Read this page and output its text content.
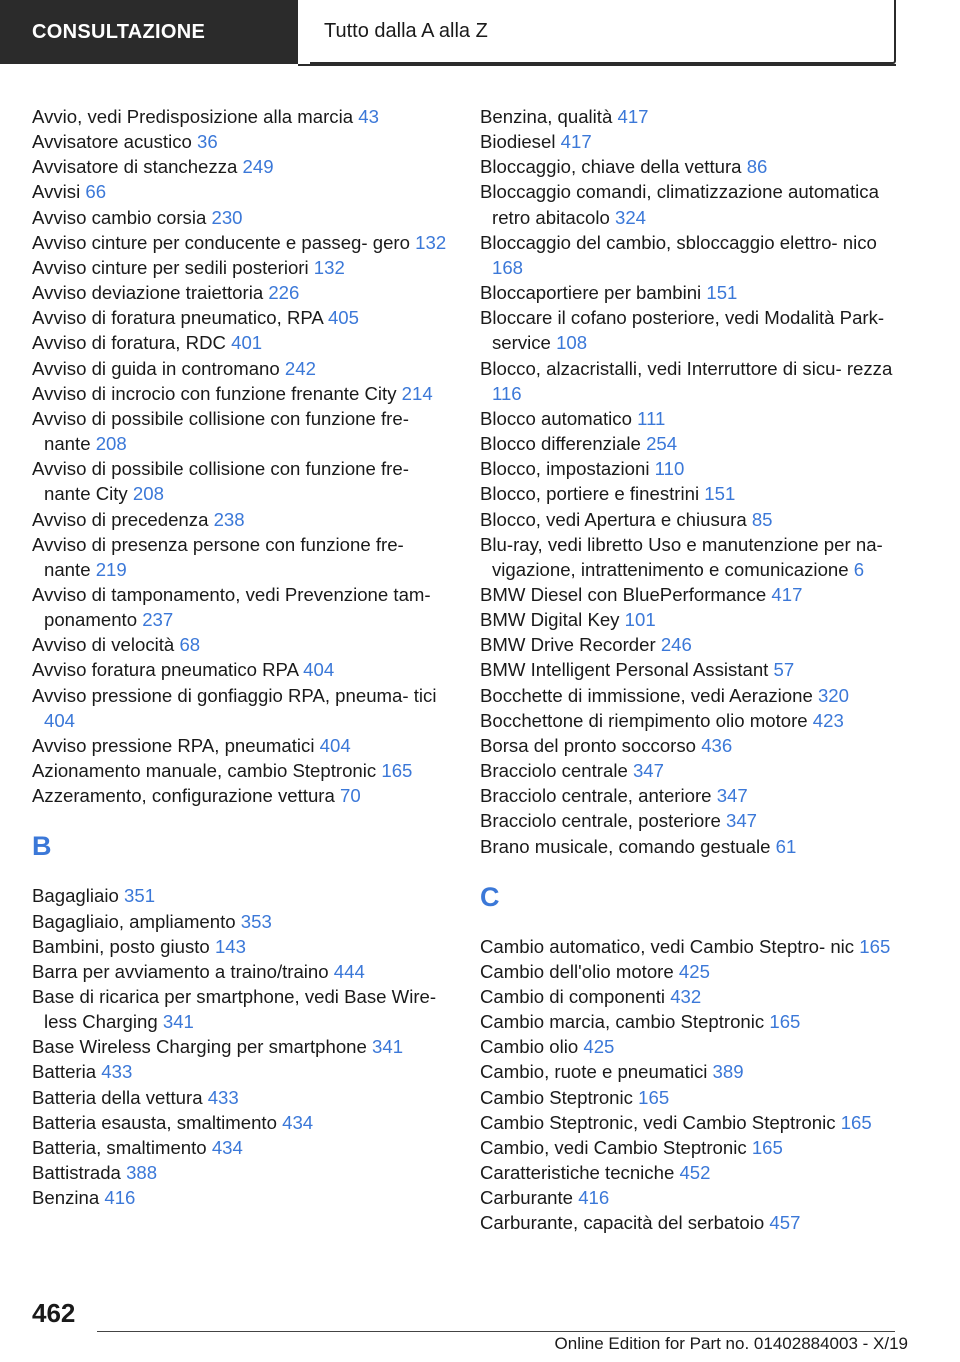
CONSULTAZIONE	Tutto dalla A alla Z

Avvio, vedi Predisposizione alla marcia 43

Avvisatore acustico 36

Avvisatore di stanchezza 249

Avvisi 66

Avviso cambio corsia 230

Avviso cinture per conducente e passeg‐ gero 132

Avviso cinture per sedili posteriori 132

Avviso deviazione traiettoria 226

Avviso di foratura pneumatico, RPA 405

Avviso di foratura, RDC 401

Avviso di guida in contromano 242

Avviso di incrocio con funzione frenante City 214

Avviso di possibile collisione con funzione fre‐ nante 208

Avviso di possibile collisione con funzione fre‐ nante City 208

Avviso di precedenza 238

Avviso di presenza persone con funzione fre‐ nante 219

Avviso di tamponamento, vedi Prevenzione tam‐ ponamento 237

Avviso di velocità 68

Avviso foratura pneumatico RPA 404

Avviso pressione di gonfiaggio RPA, pneuma‐ tici 404

Avviso pressione RPA, pneumatici 404

Azionamento manuale, cambio Steptronic 165

Azzeramento, configurazione vettura 70

B

Bagagliaio 351

Bagagliaio, ampliamento 353

Bambini, posto giusto 143

Barra per avviamento a traino/traino 444

Base di ricarica per smartphone, vedi Base Wire‐ less Charging 341

Base Wireless Charging per smartphone 341

Batteria 433

Batteria della vettura 433

Batteria esausta, smaltimento 434

Batteria, smaltimento 434

Battistrada 388

Benzina 416

Benzina, qualità 417

Biodiesel 417

Bloccaggio, chiave della vettura 86

Bloccaggio comandi, climatizzazione automatica retro abitacolo 324

Bloccaggio del cambio, sbloccaggio elettro‐ nico 168

Bloccaportiere per bambini 151

Bloccare il cofano posteriore, vedi Modalità Park‐ service 108

Blocco, alzacristalli, vedi Interruttore di sicu‐ rezza 116

Blocco automatico 111

Blocco differenziale 254

Blocco, impostazioni 110

Blocco, portiere e finestrini 151

Blocco, vedi Apertura e chiusura 85

Blu-ray, vedi libretto Uso e manutenzione per na‐ vigazione, intrattenimento e comunicazione 6

BMW Diesel con BluePerformance 417

BMW Digital Key 101

BMW Drive Recorder 246

BMW Intelligent Personal Assistant 57

Bocchette di immissione, vedi Aerazione 320

Bocchettone di riempimento olio motore 423

Borsa del pronto soccorso 436

Bracciolo centrale 347

Bracciolo centrale, anteriore 347

Bracciolo centrale, posteriore 347

Brano musicale, comando gestuale 61

C

Cambio automatico, vedi Cambio Steptro‐ nic 165

Cambio dell'olio motore 425

Cambio di componenti 432

Cambio marcia, cambio Steptronic 165

Cambio olio 425

Cambio, ruote e pneumatici 389

Cambio Steptronic 165

Cambio Steptronic, vedi Cambio Steptronic 165

Cambio, vedi Cambio Steptronic 165

Caratteristiche tecniche 452

Carburante 416

Carburante, capacità del serbatoio 457

462
Online Edition for Part no. 01402884003 - X/19
